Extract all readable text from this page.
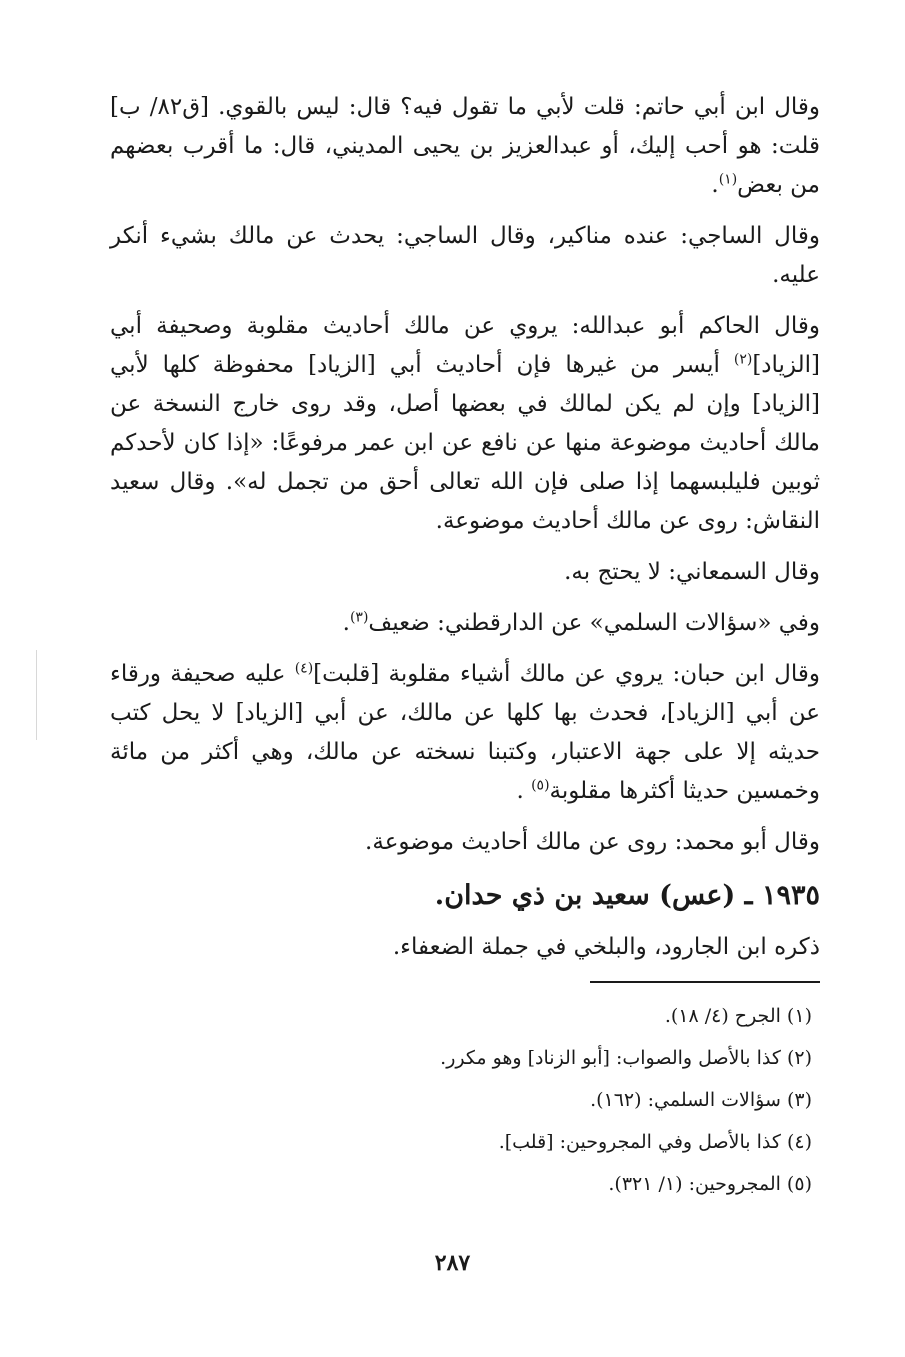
وقال ابن أبي حاتم: قلت لأبي ما تقول فيه؟ قال: ليس بالقوي. [ق٨٢/ ب] قلت: هو أحب إليك، أو عبدالعزيز بن يحيى المديني، قال: ما أقرب بعضهم من بعض$^{(١)}$.

وقال الساجي: عنده مناكير، وقال الساجي: يحدث عن مالك بشيء أنكر عليه.

وقال الحاكم أبو عبدالله: يروي عن مالك أحاديث مقلوبة وصحيفة أبي [الزياد]$^{(٢)}$ أيسر من غيرها فإن أحاديث أبي [الزياد] محفوظة كلها لأبي [الزياد] وإن لم يكن لمالك في بعضها أصل، وقد روى خارج النسخة عن مالك أحاديث موضوعة منها عن نافع عن ابن عمر مرفوعًا: «إذا كان لأحدكم ثوبين فليلبسهما إذا صلى فإن الله تعالى أحق من تجمل له». وقال سعيد النقاش: روى عن مالك أحاديث موضوعة.

وقال السمعاني: لا يحتج به.

وفي «سؤالات السلمي» عن الدارقطني: ضعيف$^{(٣)}$.

وقال ابن حبان: يروي عن مالك أشياء مقلوبة [قلبت]$^{(٤)}$ عليه صحيفة ورقاء عن أبي [الزياد]، فحدث بها كلها عن مالك، عن أبي [الزياد] لا يحل كتب حديثه إلا على جهة الاعتبار، وكتبنا نسخته عن مالك، وهي أكثر من مائة وخمسين حديثا أكثرها مقلوبة$^{(٥)}$ .

وقال أبو محمد: روى عن مالك أحاديث موضوعة.

١٩٣٥ ـ (عس) سعيد بن ذي حدان.

ذكره ابن الجارود، والبلخي في جملة الضعفاء.

(١) الجرح (٤/ ١٨).
(٢) كذا بالأصل والصواب: [أبو الزناد] وهو مكرر.
(٣) سؤالات السلمي: (١٦٢).
(٤) كذا بالأصل وفي المجروحين: [قلب].
(٥) المجروحين: (١/ ٣٢١).
٢٨٧
